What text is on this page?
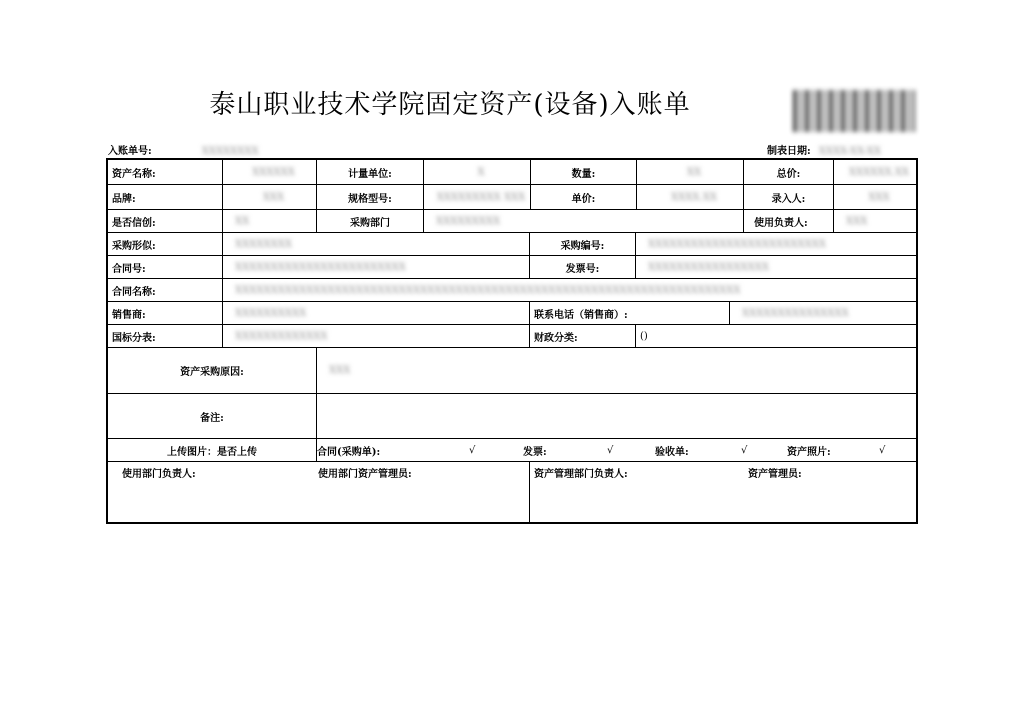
泰山职业技术学院固定资产(设备)入账单
入账单号:	XXXXXXXX	制表日期: XXXX-XX-XX
资产名称:	XXXXXX	计量单位:	X	数量:	XX	总价:	XXXXXX.XX
品牌:	XXX	规格型号:	XXXXXXXXX XXX	单价:	XXXX.XX	录入人:	XXX
是否信创:	XX	采购部门	XXXXXXXXX	使用负责人:	XXX
采购形似:	XXXXXXXX	采购编号:	XXXXXXXXXXXXXXXXXXXXXXXXX
合同号:	XXXXXXXXXXXXXXXXXXXXXXXX	发票号:	XXXXXXXXXXXXXXXXX
合同名称:	XXXXXXXXXXXXXXXXXXXXXXXXXXXXXXXXXXXXXXXXXXXXXXXXXXXXXXXXXXXXXXXXXXXXXXX
销售商:	XXXXXXXXXX	联系电话（销售商）:	XXXXXXXXXXXXXXX
国标分表:	XXXXXXXXXXXXX	财政分类:	()
资产采购原因:	XXX
备注:
上传图片：是否上传	合同(采购单):	√	发票:	√	验收单:	√	资产照片:	√
使用部门负责人:	使用部门资产管理员:	资产管理部门负责人:	资产管理员:
